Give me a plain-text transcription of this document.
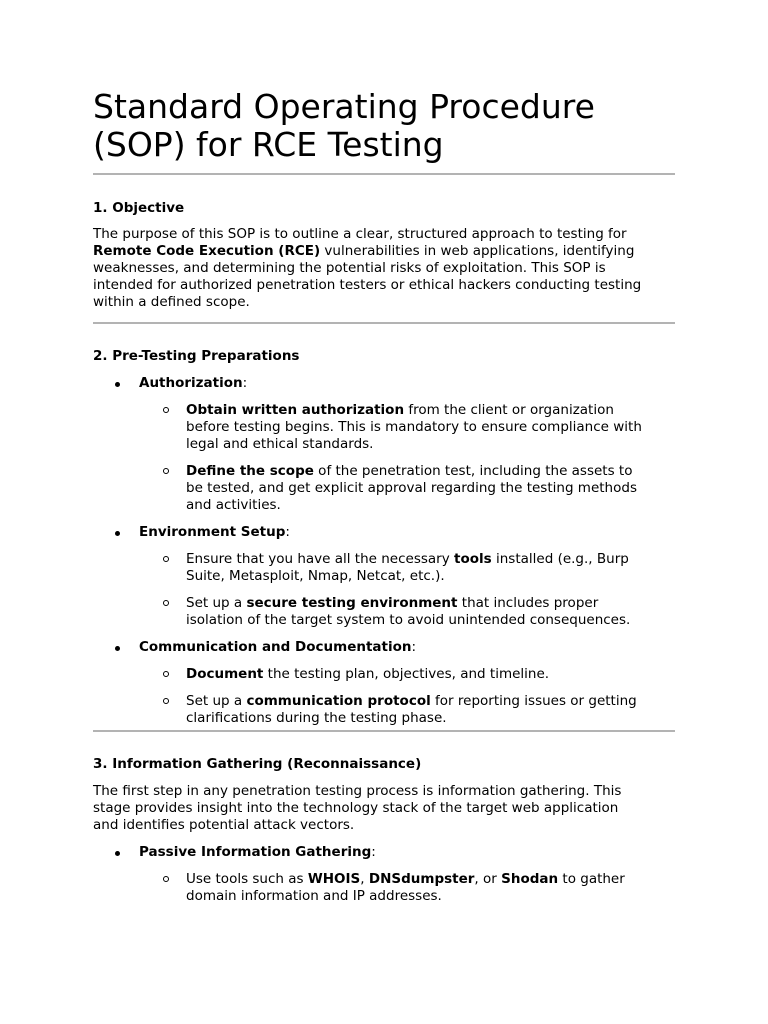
Standard Operating Procedure
(SOP) for RCE Testing
1. Objective

The purpose of this SOP is to outline a clear, structured approach to testing for
Remote Code Execution (RCE) vulnerabilities in web applications, identifying
weaknesses, and determining the potential risks of exploitation. This SOP is
intended for authorized penetration testers or ethical hackers conducting testing
within a defined scope.

2. Pre-Testing Preparations
Authorization:
Obtain written authorization from the client or organization
before testing begins. This is mandatory to ensure compliance with
legal and ethical standards.
Define the scope of the penetration test, including the assets to
be tested, and get explicit approval regarding the testing methods
and activities.
Environment Setup:
Ensure that you have all the necessary tools installed (e.g., Burp
Suite, Metasploit, Nmap, Netcat, etc.).
Set up a secure testing environment that includes proper
isolation of the target system to avoid unintended consequences.
Communication and Documentation:
Document the testing plan, objectives, and timeline.
Set up a communication protocol for reporting issues or getting
clarifications during the testing phase.
3. Information Gathering (Reconnaissance)

The first step in any penetration testing process is information gathering. This
stage provides insight into the technology stack of the target web application
and identifies potential attack vectors.

Passive Information Gathering:
Use tools such as WHOIS, DNSdumpster, or Shodan to gather
domain information and IP addresses.
